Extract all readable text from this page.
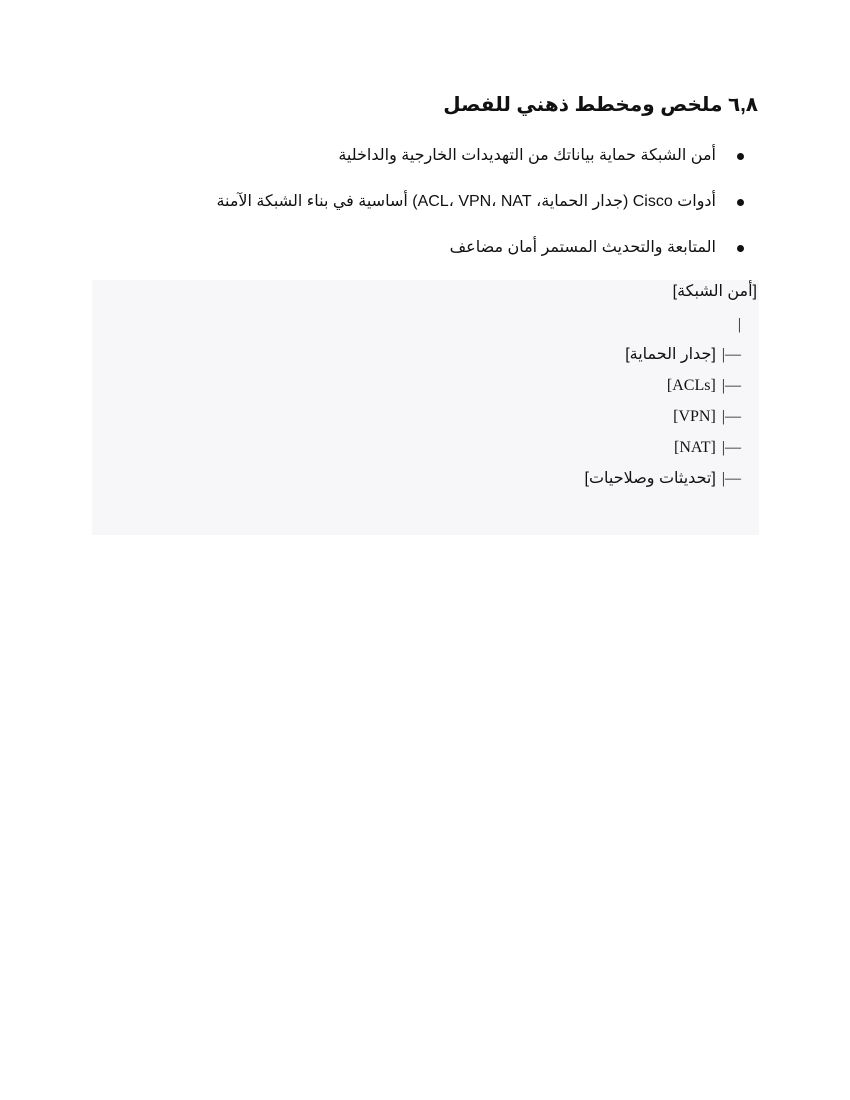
٦,٨ ملخص ومخطط ذهني للفصل
أمن الشبكة حماية بياناتك من التهديدات الخارجية والداخلية
أدوات Cisco (جدار الحماية، ACL، VPN، NAT) أساسية في بناء الشبكة الآمنة
المتابعة والتحديث المستمر أمان مضاعف
[أمن الشبكة]
|
[جدار الحماية] |—
[ACLs] |—
[VPN] |—
[NAT] |—
[تحديثات وصلاحيات] |—
